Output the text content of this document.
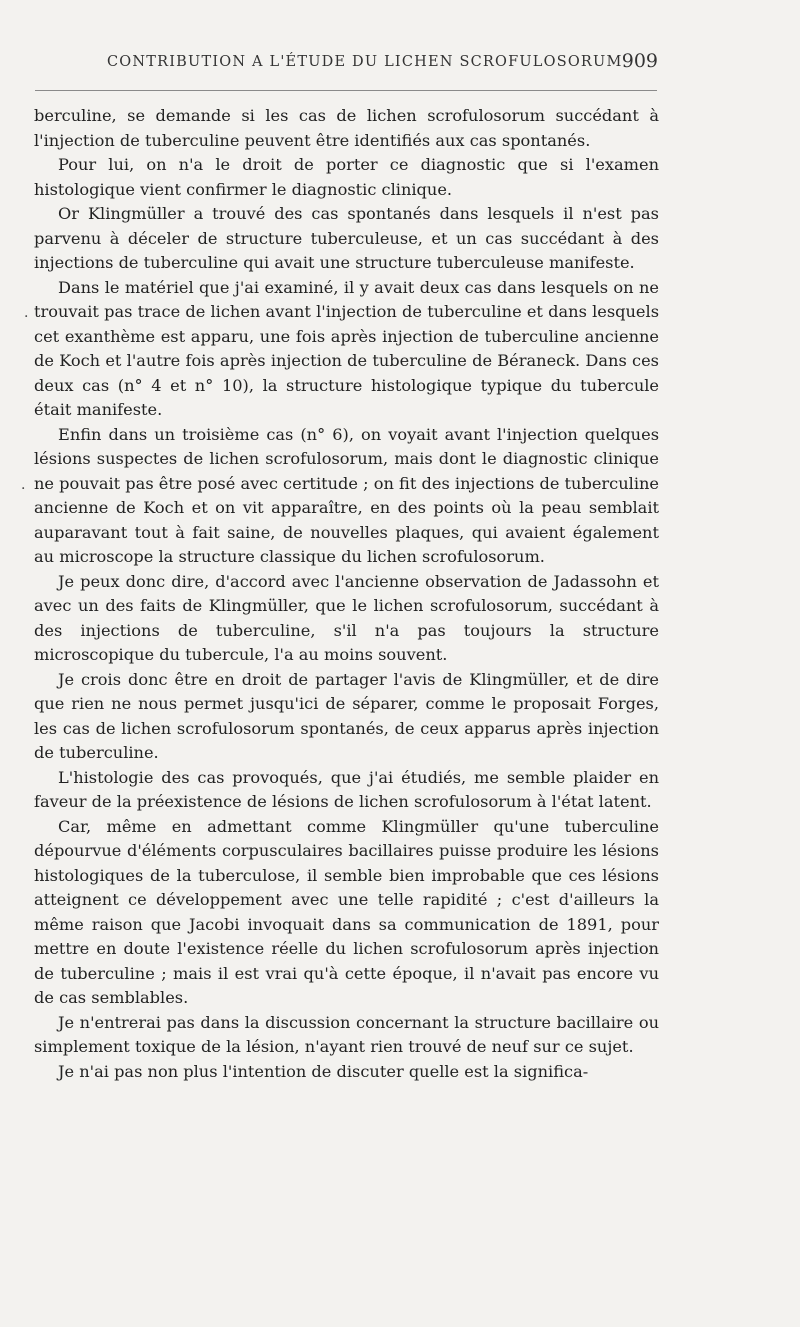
CONTRIBUTION A L'ÉTUDE DU LICHEN SCROFULOSORUM 909

berculine, se demande si les cas de lichen scrofulosorum succédant à l'injection de tuberculine peuvent être identifiés aux cas spontanés.

Pour lui, on n'a le droit de porter ce diagnostic que si l'examen histologique vient confirmer le diagnostic clinique.

Or Klingmüller a trouvé des cas spontanés dans lesquels il n'est pas parvenu à déceler de structure tuberculeuse, et un cas succédant à des injections de tuberculine qui avait une structure tuberculeuse manifeste.

Dans le matériel que j'ai examiné, il y avait deux cas dans lesquels on ne trouvait pas trace de lichen avant l'injection de tuberculine et dans lesquels cet exanthème est apparu, une fois après injection de tuberculine ancienne de Koch et l'autre fois après injection de tuberculine de Béraneck. Dans ces deux cas (n° 4 et n° 10), la structure histologique typique du tubercule était manifeste.

Enfin dans un troisième cas (n° 6), on voyait avant l'injection quelques lésions suspectes de lichen scrofulosorum, mais dont le diagnostic clinique ne pouvait pas être posé avec certitude ; on fit des injections de tuberculine ancienne de Koch et on vit apparaître, en des points où la peau semblait auparavant tout à fait saine, de nouvelles plaques, qui avaient également au microscope la structure classique du lichen scrofulosorum.

Je peux donc dire, d'accord avec l'ancienne observation de Jadassohn et avec un des faits de Klingmüller, que le lichen scrofulosorum, succédant à des injections de tuberculine, s'il n'a pas toujours la structure microscopique du tubercule, l'a au moins souvent.

Je crois donc être en droit de partager l'avis de Klingmüller, et de dire que rien ne nous permet jusqu'ici de séparer, comme le proposait Forges, les cas de lichen scrofulosorum spontanés, de ceux apparus après injection de tuberculine.

L'histologie des cas provoqués, que j'ai étudiés, me semble plaider en faveur de la préexistence de lésions de lichen scrofulosorum à l'état latent.

Car, même en admettant comme Klingmüller qu'une tuberculine dépourvue d'éléments corpusculaires bacillaires puisse produire les lésions histologiques de la tuberculose, il semble bien improbable que ces lésions atteignent ce développement avec une telle rapidité ; c'est d'ailleurs la même raison que Jacobi invoquait dans sa communication de 1891, pour mettre en doute l'existence réelle du lichen scrofulosorum après injection de tuberculine ; mais il est vrai qu'à cette époque, il n'avait pas encore vu de cas semblables.

Je n'entrerai pas dans la discussion concernant la structure bacillaire ou simplement toxique de la lésion, n'ayant rien trouvé de neuf sur ce sujet.

Je n'ai pas non plus l'intention de discuter quelle est la significa-

·
·
